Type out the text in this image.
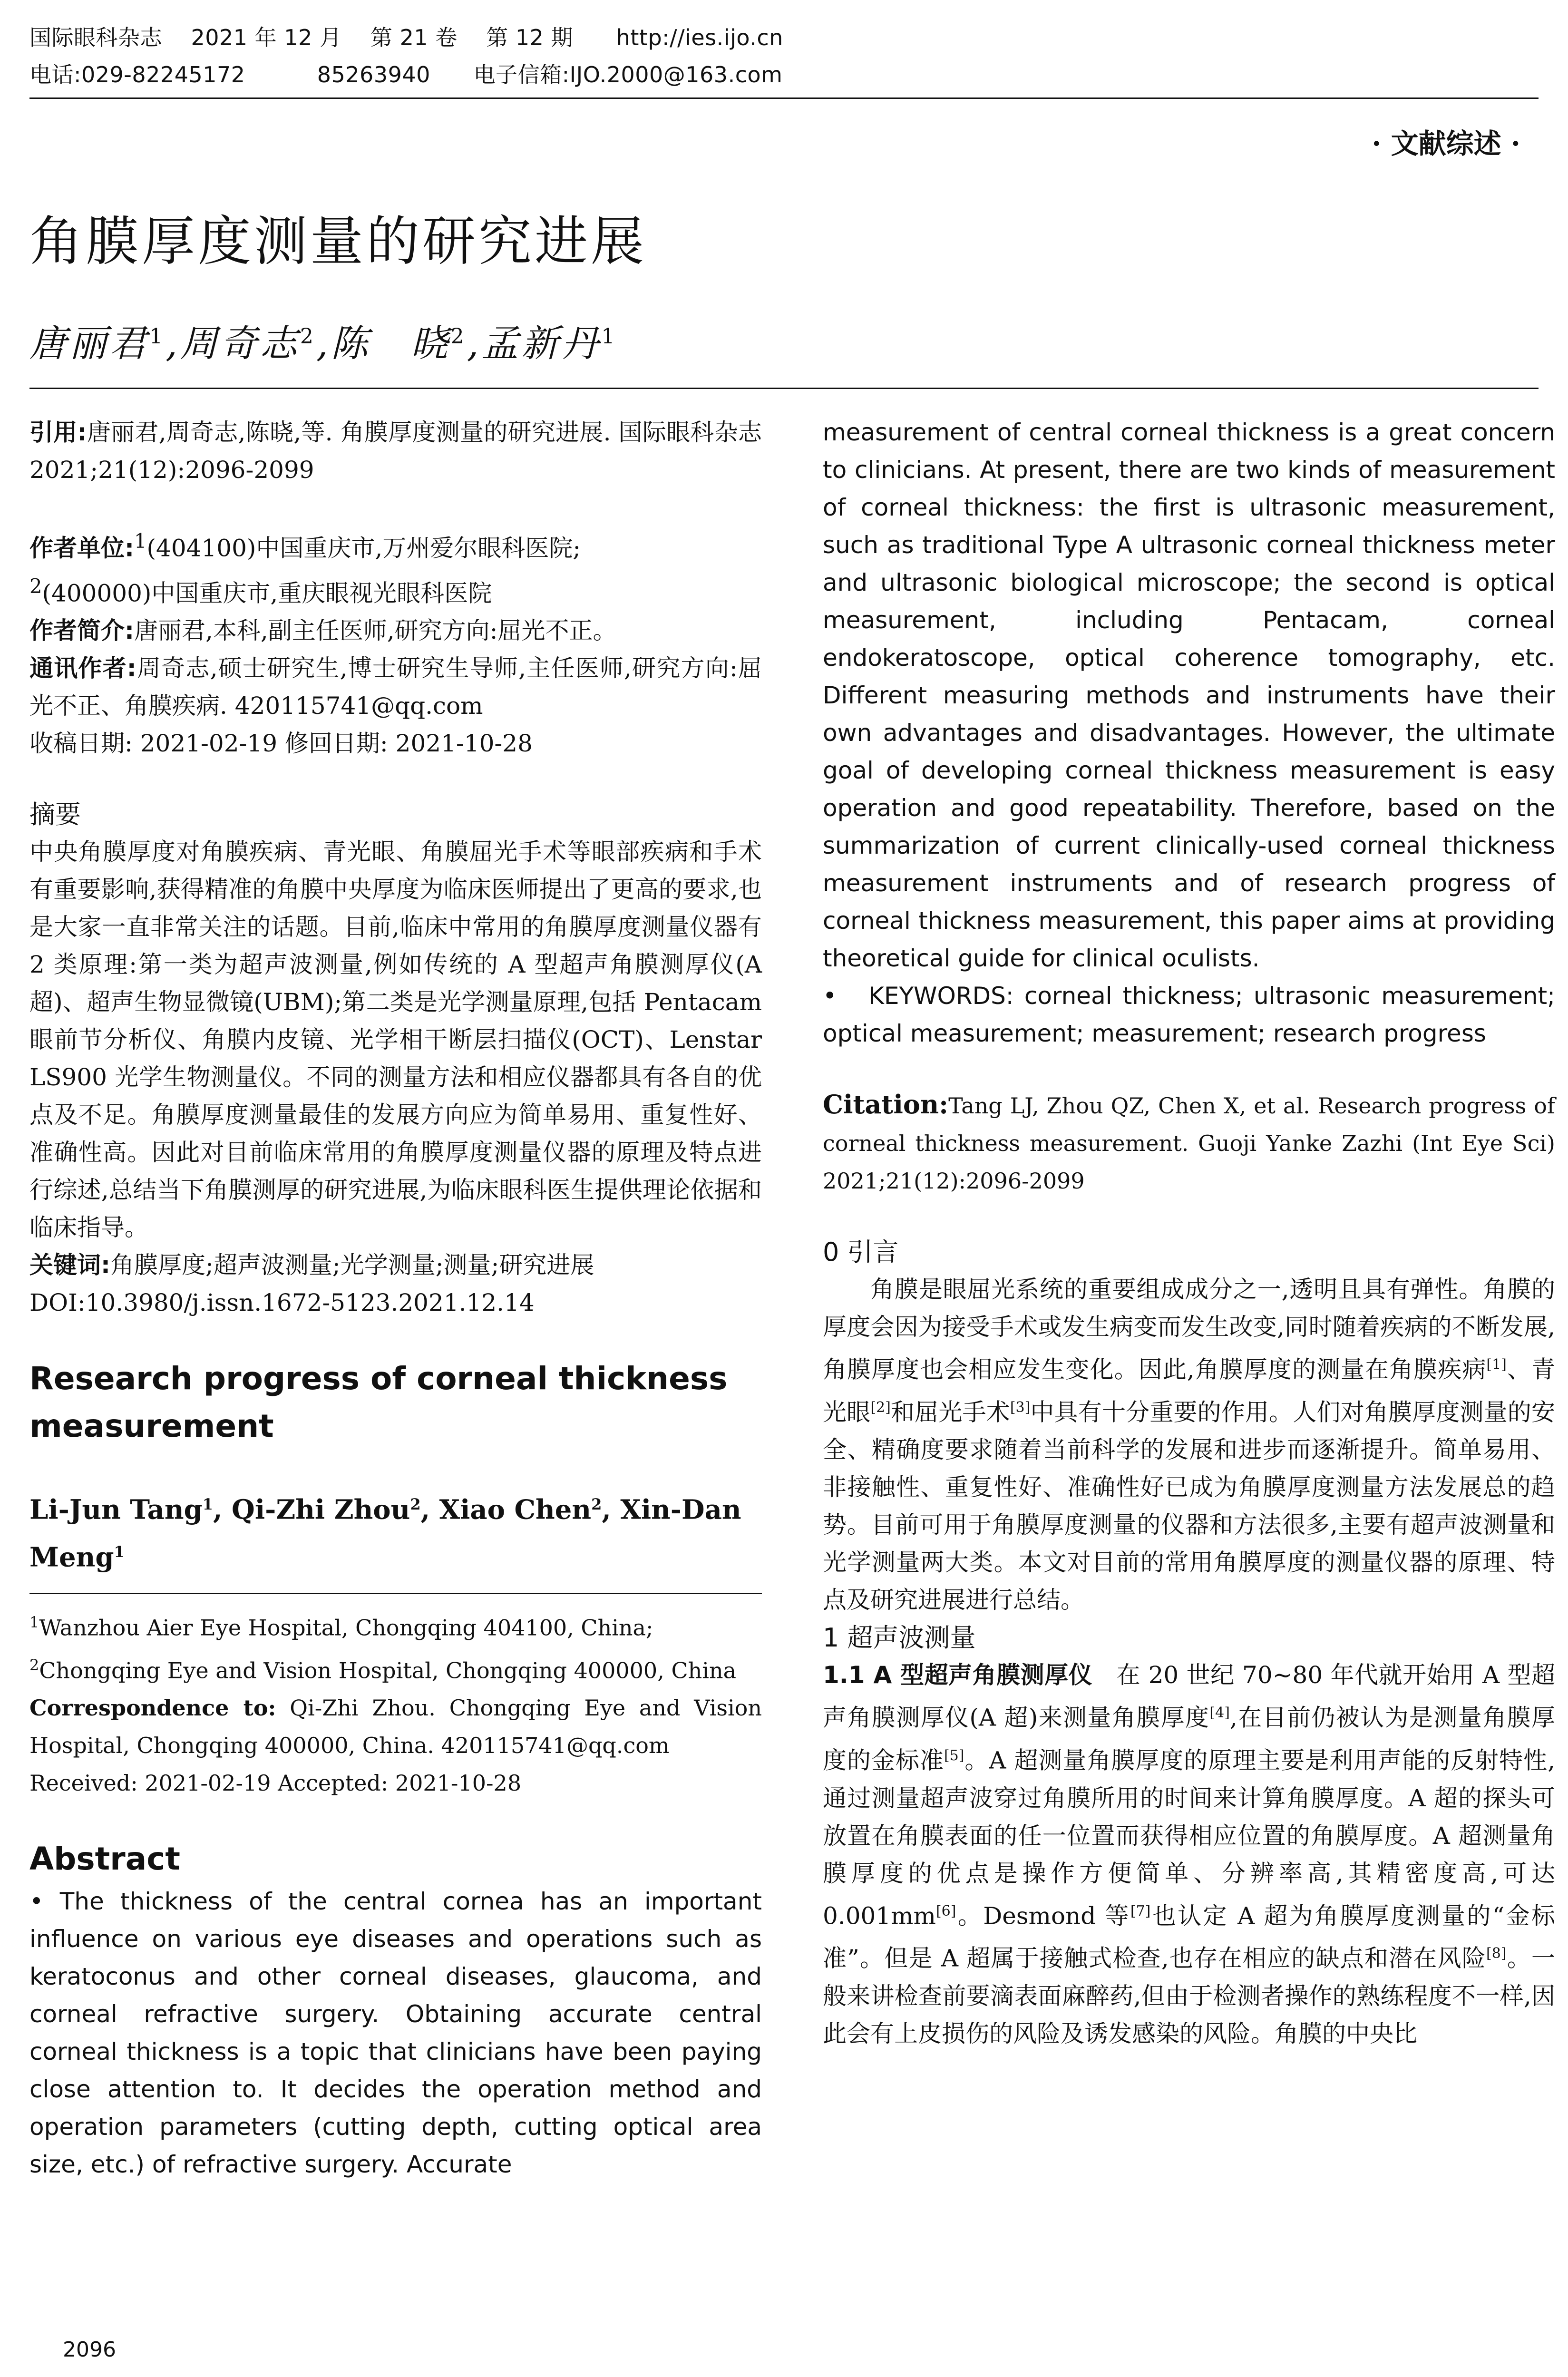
国际眼科杂志    2021 年 12 月    第 21 卷    第 12 期      http://ies.ijo.cn
电话:029-82245172          85263940      电子信箱:IJO.2000@163.com
· 文献综述 ·
角膜厚度测量的研究进展
唐丽君$^1$,周奇志$^2$,陈　晓$^2$,孟新丹$^1$

引用:唐丽君,周奇志,陈晓,等. 角膜厚度测量的研究进展. 国际眼科杂志 2021;21(12):2096-2099

作者单位:$^1$(404100)中国重庆市,万州爱尔眼科医院;
$^2$(400000)中国重庆市,重庆眼视光眼科医院

作者简介:唐丽君,本科,副主任医师,研究方向:屈光不正。

通讯作者:周奇志,硕士研究生,博士研究生导师,主任医师,研究方向:屈光不正、角膜疾病. 420115741@qq.com

收稿日期: 2021-02-19 修回日期: 2021-10-28

摘要

中央角膜厚度对角膜疾病、青光眼、角膜屈光手术等眼部疾病和手术有重要影响,获得精准的角膜中央厚度为临床医师提出了更高的要求,也是大家一直非常关注的话题。目前,临床中常用的角膜厚度测量仪器有 2 类原理:第一类为超声波测量,例如传统的 A 型超声角膜测厚仪(A 超)、超声生物显微镜(UBM);第二类是光学测量原理,包括 Pentacam 眼前节分析仪、角膜内皮镜、光学相干断层扫描仪(OCT)、Lenstar LS900 光学生物测量仪。不同的测量方法和相应仪器都具有各自的优点及不足。角膜厚度测量最佳的发展方向应为简单易用、重复性好、准确性高。因此对目前临床常用的角膜厚度测量仪器的原理及特点进行综述,总结当下角膜测厚的研究进展,为临床眼科医生提供理论依据和临床指导。

关键词:角膜厚度;超声波测量;光学测量;测量;研究进展

DOI:10.3980/j.issn.1672-5123.2021.12.14

Research progress of corneal thickness measurement

Li-Jun Tang$^1$, Qi-Zhi Zhou$^2$, Xiao Chen$^2$, Xin-Dan Meng$^1$

$^1$Wanzhou Aier Eye Hospital, Chongqing 404100, China;

$^2$Chongqing Eye and Vision Hospital, Chongqing 400000, China

Correspondence to: Qi-Zhi Zhou. Chongqing Eye and Vision Hospital, Chongqing 400000, China. 420115741@qq.com

Received: 2021-02-19 Accepted: 2021-10-28

Abstract

• The thickness of the central cornea has an important influence on various eye diseases and operations such as keratoconus and other corneal diseases, glaucoma, and corneal refractive surgery. Obtaining accurate central corneal thickness is a topic that clinicians have been paying close attention to. It decides the operation method and operation parameters (cutting depth, cutting optical area size, etc.) of refractive surgery. Accurate

measurement of central corneal thickness is a great concern to clinicians. At present, there are two kinds of measurement of corneal thickness: the first is ultrasonic measurement, such as traditional Type A ultrasonic corneal thickness meter and ultrasonic biological microscope; the second is optical measurement, including Pentacam, corneal endokeratoscope, optical coherence tomography, etc. Different measuring methods and instruments have their own advantages and disadvantages. However, the ultimate goal of developing corneal thickness measurement is easy operation and good repeatability. Therefore, based on the summarization of current clinically-used corneal thickness measurement instruments and of research progress of corneal thickness measurement, this paper aims at providing theoretical guide for clinical oculists.

• KEYWORDS: corneal thickness; ultrasonic measurement; optical measurement; measurement; research progress

Citation:Tang LJ, Zhou QZ, Chen X, et al. Research progress of corneal thickness measurement. Guoji Yanke Zazhi (Int Eye Sci) 2021;21(12):2096-2099

0 引言

角膜是眼屈光系统的重要组成成分之一,透明且具有弹性。角膜的厚度会因为接受手术或发生病变而发生改变,同时随着疾病的不断发展,角膜厚度也会相应发生变化。因此,角膜厚度的测量在角膜疾病[1]、青光眼[2]和屈光手术[3]中具有十分重要的作用。人们对角膜厚度测量的安全、精确度要求随着当前科学的发展和进步而逐渐提升。简单易用、非接触性、重复性好、准确性好已成为角膜厚度测量方法发展总的趋势。目前可用于角膜厚度测量的仪器和方法很多,主要有超声波测量和光学测量两大类。本文对目前的常用角膜厚度的测量仪器的原理、特点及研究进展进行总结。

1 超声波测量

1.1 A 型超声角膜测厚仪　在 20 世纪 70~80 年代就开始用 A 型超声角膜测厚仪(A 超)来测量角膜厚度[4],在目前仍被认为是测量角膜厚度的金标准[5]。A 超测量角膜厚度的原理主要是利用声能的反射特性,通过测量超声波穿过角膜所用的时间来计算角膜厚度。A 超的探头可放置在角膜表面的任一位置而获得相应位置的角膜厚度。A 超测量角膜厚度的优点是操作方便简单、分辨率高,其精密度高,可达 0.001mm[6]。Desmond 等[7]也认定 A 超为角膜厚度测量的“金标准”。但是 A 超属于接触式检查,也存在相应的缺点和潜在风险[8]。一般来讲检查前要滴表面麻醉药,但由于检测者操作的熟练程度不一样,因此会有上皮损伤的风险及诱发感染的风险。角膜的中央比

2096
